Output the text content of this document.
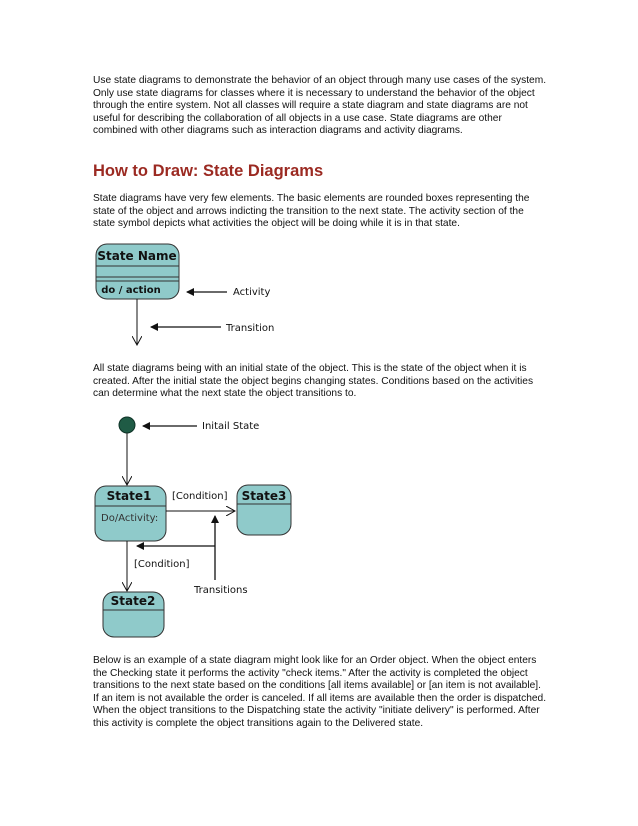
Use state diagrams to demonstrate the behavior of an object through many use cases of the system. Only use state diagrams for classes where it is necessary to understand the behavior of the object through the entire system. Not all classes will require a state diagram and state diagrams are not useful for describing the collaboration of all objects in a use case. State diagrams are other combined with other diagrams such as interaction diagrams and activity diagrams.

How to Draw: State Diagrams

State diagrams have very few elements. The basic elements are rounded boxes representing the state of the object and arrows indicting the transition to the next state. The activity section of the state symbol depicts what activities the object will be doing while it is in that state.

State Name
do / action	Activity
Transition

All state diagrams being with an initial state of the object. This is the state of the object when it is created. After the initial state the object begins changing states. Conditions based on the activities can determine what the next state the object transitions to.

Initail State
State1
Do/Activity:
[Condition] State3
[Condition]
Transitions
State2

Below is an example of a state diagram might look like for an Order object. When the object enters the Checking state it performs the activity "check items." After the activity is completed the object transitions to the next state based on the conditions [all items available] or [an item is not available]. If an item is not available the order is canceled. If all items are available then the order is dispatched. When the object transitions to the Dispatching state the activity "initiate delivery" is performed. After this activity is complete the object transitions again to the Delivered state.
